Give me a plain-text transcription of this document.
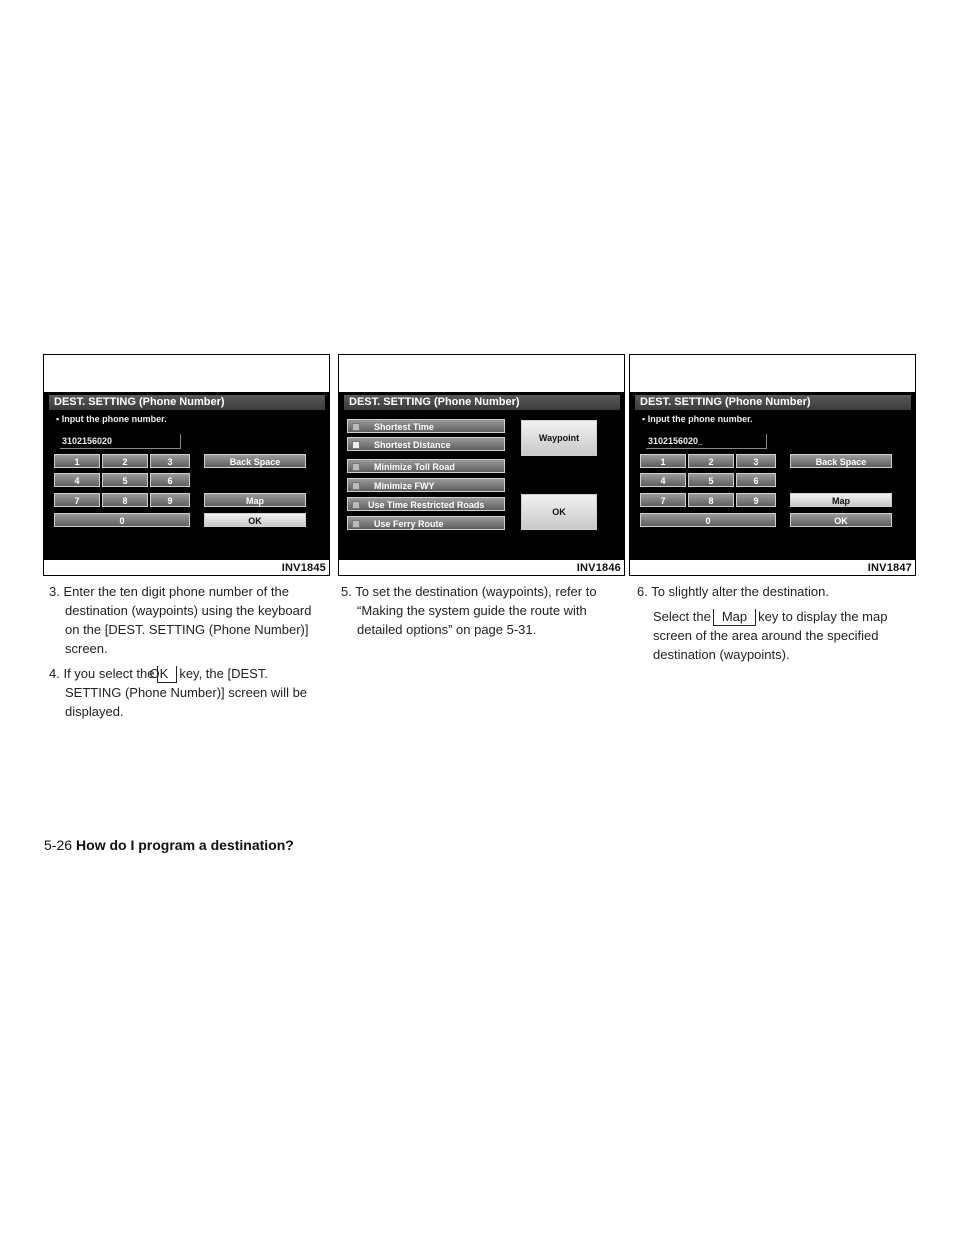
DEST. SETTING (Phone Number)
▪ Input the phone number.
3102156020
1	2	3
4	5	6
7	8	9
0
Back Space
Map
OK
INV1845
DEST. SETTING (Phone Number)
Shortest Time
Shortest Distance
Minimize Toll Road
Minimize FWY
Use Time Restricted Roads
Use Ferry Route
Waypoint
OK
INV1846
DEST. SETTING (Phone Number)
▪ Input the phone number.
3102156020_
1	2	3
4	5	6
7	8	9
0
Back Space
Map
OK
INV1847

3. Enter the ten digit phone number of the destination (waypoints) using the keyboard on the [DEST. SETTING (Phone Number)] screen.

4. If you select theOK key, the [DEST. SETTING (Phone Number)] screen will be displayed.

5. To set the destination (waypoints), refer to “Making the system guide the route with detailed options” on page 5-31.

6. To slightly alter the destination.

Select the Map key to display the map screen of the area around the specified destination (waypoints).

5-26 How do I program a destination?
